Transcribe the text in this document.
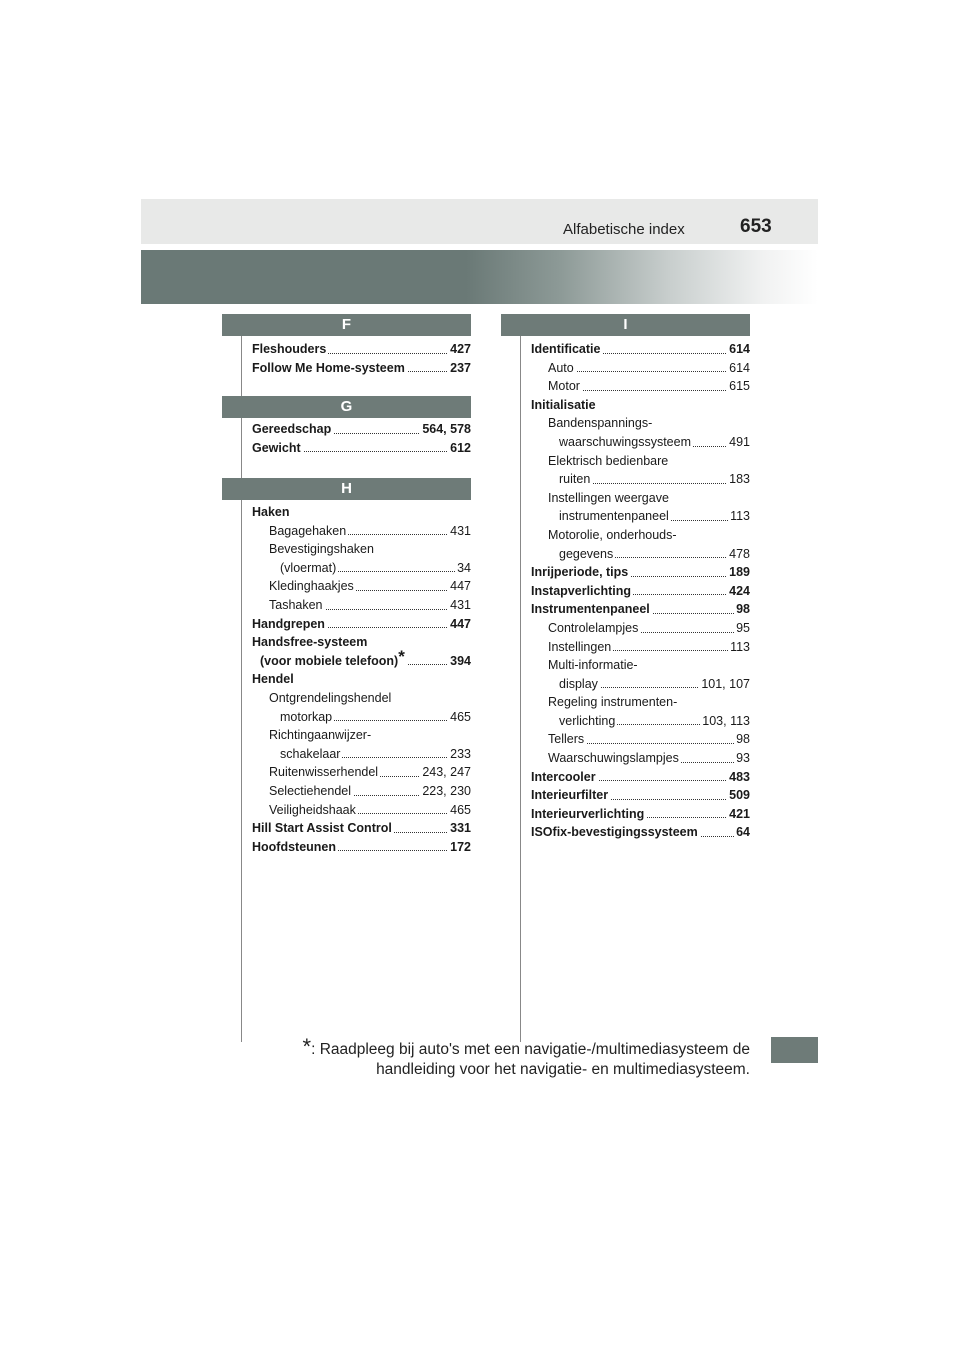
Alfabetische index	653
F
Fleshouders	427
Follow Me Home-systeem	237
G
Gereedschap	564, 578
Gewicht	612
H
Haken
Bagagehaken	431
Bevestigingshaken
(vloermat)	34
Kledinghaakjes	447
Tashaken	431
Handgrepen	447
Handsfree-systeem
(voor mobiele telefoon)*	394
Hendel
Ontgrendelingshendel
motorkap	465
Richtingaanwijzer-
schakelaar	233
Ruitenwisserhendel	243, 247
Selectiehendel	223, 230
Veiligheidshaak	465
Hill Start Assist Control	331
Hoofdsteunen	172
I
Identificatie	614
Auto	614
Motor	615
Initialisatie
Bandenspannings-
waarschuwingssysteem	491
Elektrisch bedienbare
ruiten	183
Instellingen weergave
instrumentenpaneel	113
Motorolie, onderhouds-
gegevens	478
Inrijperiode, tips	189
Instapverlichting	424
Instrumentenpaneel	98
Controlelampjes	95
Instellingen	113
Multi-informatie-
display	101, 107
Regeling instrumenten-
verlichting	103, 113
Tellers	98
Waarschuwingslampjes	93
Intercooler	483
Interieurfilter	509
Interieurverlichting	421
ISOfix-bevestigingssysteem	64
*: Raadpleeg bij auto's met een navigatie-/multimediasysteem de
handleiding voor het navigatie- en multimediasysteem.
